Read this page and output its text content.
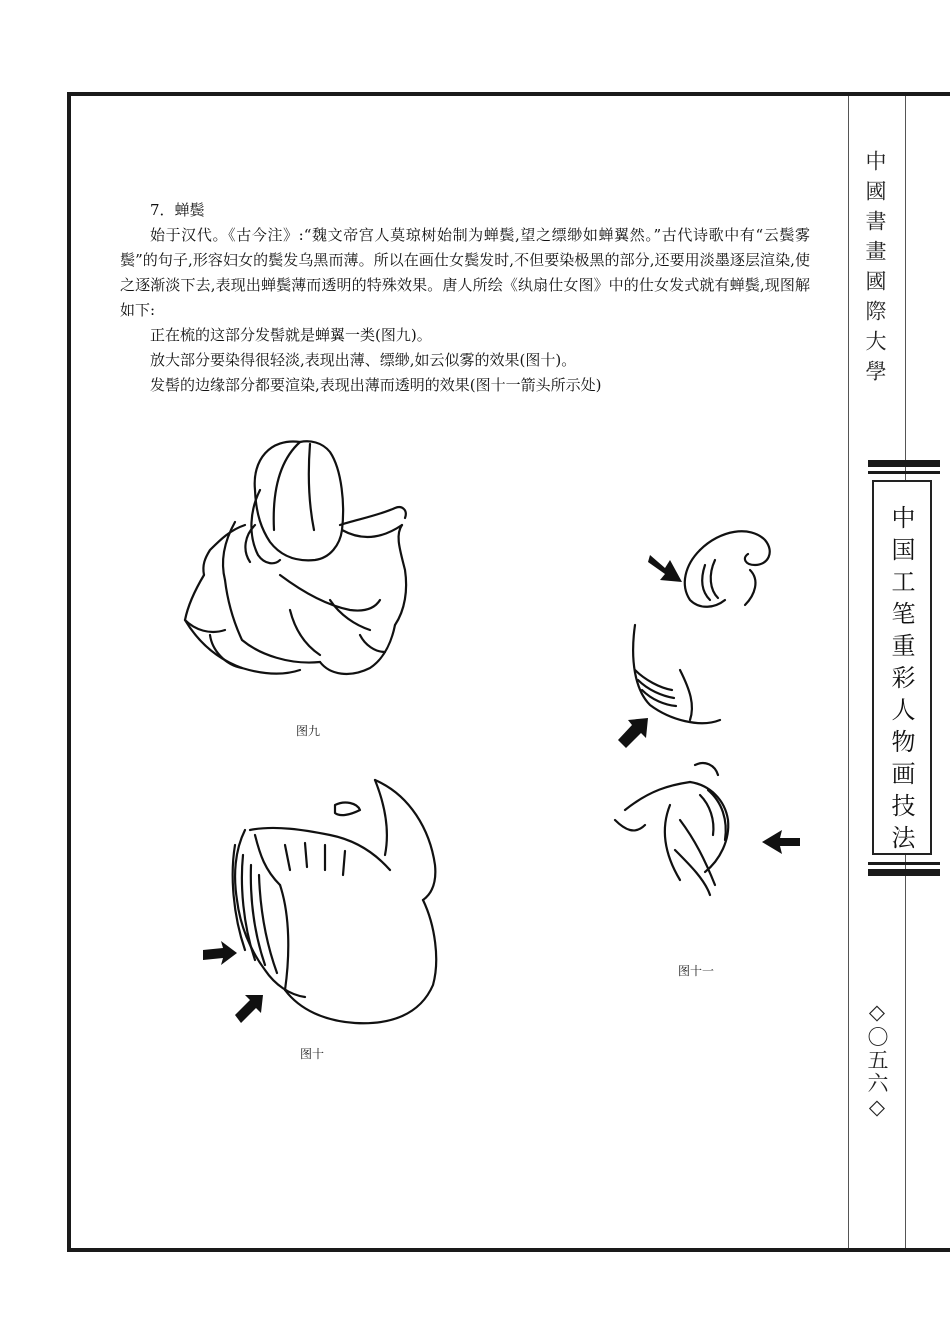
中國書畫國際大學
中国工笔重彩人物画技法
◇〇五六◇

7．蝉鬓

始于汉代。《古今注》:“魏文帝宫人莫琼树始制为蝉鬓,望之缥缈如蝉翼然。”古代诗歌中有“云鬓雾鬓”的句子,形容妇女的鬓发乌黑而薄。所以在画仕女鬓发时,不但要染极黑的部分,还要用淡墨逐层渲染,使之逐渐淡下去,表现出蝉鬓薄而透明的特殊效果。唐人所绘《纨扇仕女图》中的仕女发式就有蝉鬓,现图解如下:

正在梳的这部分发髻就是蝉翼一类(图九)。

放大部分要染得很轻淡,表现出薄、缥缈,如云似雾的效果(图十)。

发髻的边缘部分都要渲染,表现出薄而透明的效果(图十一箭头所示处)

图九
图十
图十一
